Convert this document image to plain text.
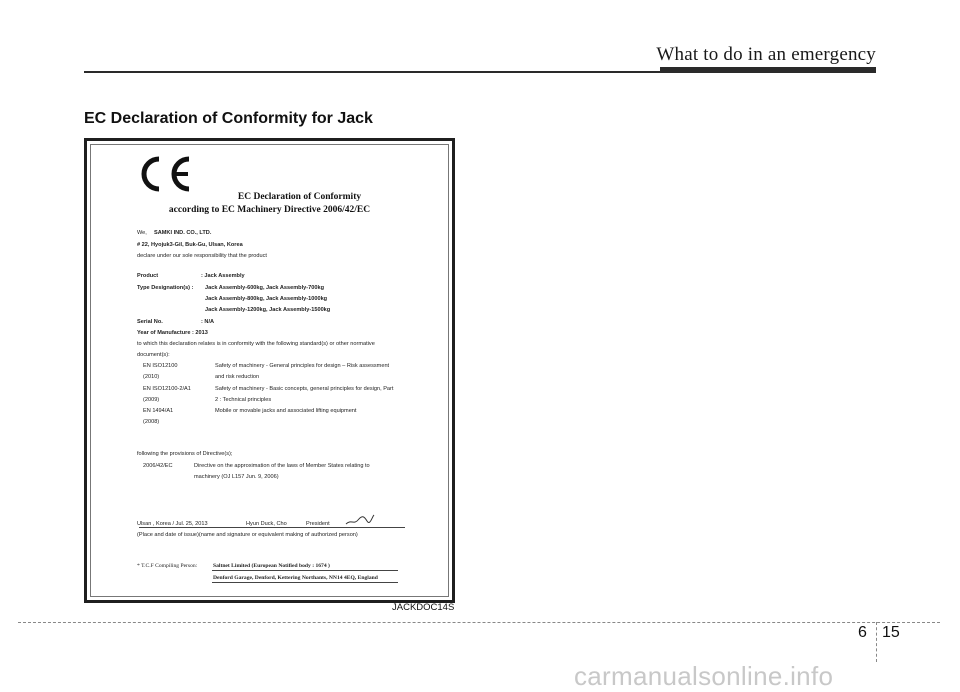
What to do in an emergency
EC Declaration of Conformity for Jack
EC Declaration of Conformity
according to EC Machinery Directive 2006/42/EC
We, SAMKI IND. CO., LTD.
# 22, Hyojuk3-Gil, Buk-Gu, Ulsan, Korea
declare under our sole responsibility that the product
Product	: Jack Assembly
Type Designation(s) : Jack Assembly-600kg, Jack Assembly-700kg
Jack Assembly-800kg, Jack Assembly-1000kg
Jack Assembly-1200kg, Jack Assembly-1500kg
Serial No.	: N/A
Year of Manufacture : 2013
to which this declaration relates is in conformity with the following standard(s) or other normative
document(s):
EN ISO12100	Safety of machinery - General principles for design – Risk assessment
(2010)	and risk reduction
EN ISO12100-2/A1	Safety of machinery - Basic concepts, general principles for design, Part
(2009)	2 : Technical principles
EN 1494/A1	Mobile or movable jacks and associated lifting equipment
(2008)
following the provisions of Directive(s);
2006/42/EC	Directive on the approximation of the laws of Member States relating to
machinery (OJ L157 Jun. 9, 2006)
Ulsan , Korea / Jul. 25, 2013	Hyun Duck, Cho	President
(Place and date of issue)(name and signature or equivalent making of authorized person)
* T.C.F Compiling Person:	Saltnet Limited (European Notified body : 1674 )
Denford Garage, Denford, Kettering Northants, NN14 4EQ, England
JACKDOC14S
6 15
carmanualsonline.info
